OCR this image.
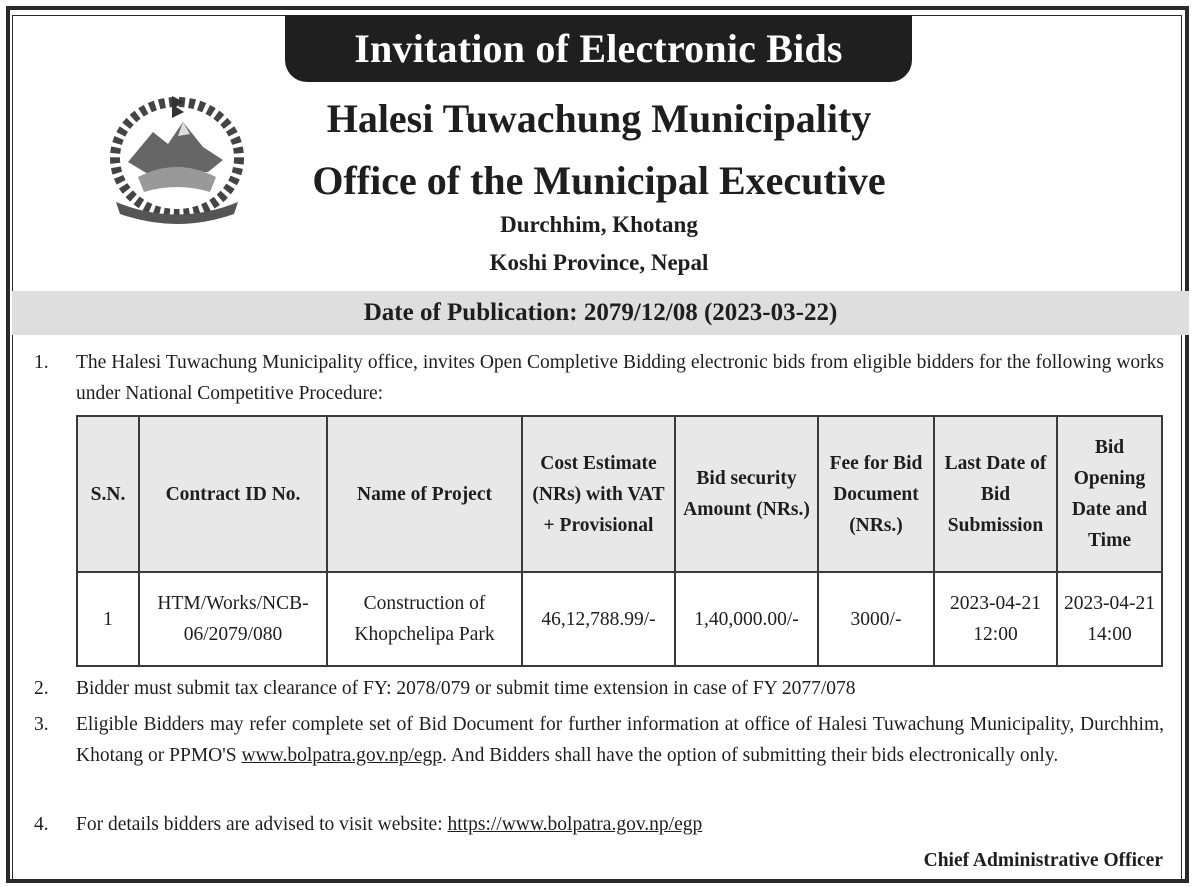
Invitation of Electronic Bids
Halesi Tuwachung Municipality
Office of the Municipal Executive
Durchhim, Khotang
Koshi Province, Nepal
Date of Publication: 2079/12/08 (2023-03-22)
1. The Halesi Tuwachung Municipality office, invites Open Completive Bidding electronic bids from eligible bidders for the following works under National Competitive Procedure:
S.N.	Contract ID No.	Name of Project	Cost Estimate (NRs) with VAT + Provisional	Bid security Amount (NRs.)	Fee for Bid Document (NRs.)	Last Date of Bid Submission	Bid Opening Date and Time
1	HTM/Works/NCB-06/2079/080	Construction of Khopchelipa Park	46,12,788.99/-	1,40,000.00/-	3000/-	2023-04-21 12:00	2023-04-21 14:00
2. Bidder must submit tax clearance of FY: 2078/079 or submit time extension in case of FY 2077/078
3. Eligible Bidders may refer complete set of Bid Document for further information at office of Halesi Tuwachung Municipality, Durchhim, Khotang or PPMO'S www.bolpatra.gov.np/egp. And Bidders shall have the option of submitting their bids electronically only.
4. For details bidders are advised to visit website: https://www.bolpatra.gov.np/egp
Chief Administrative Officer
